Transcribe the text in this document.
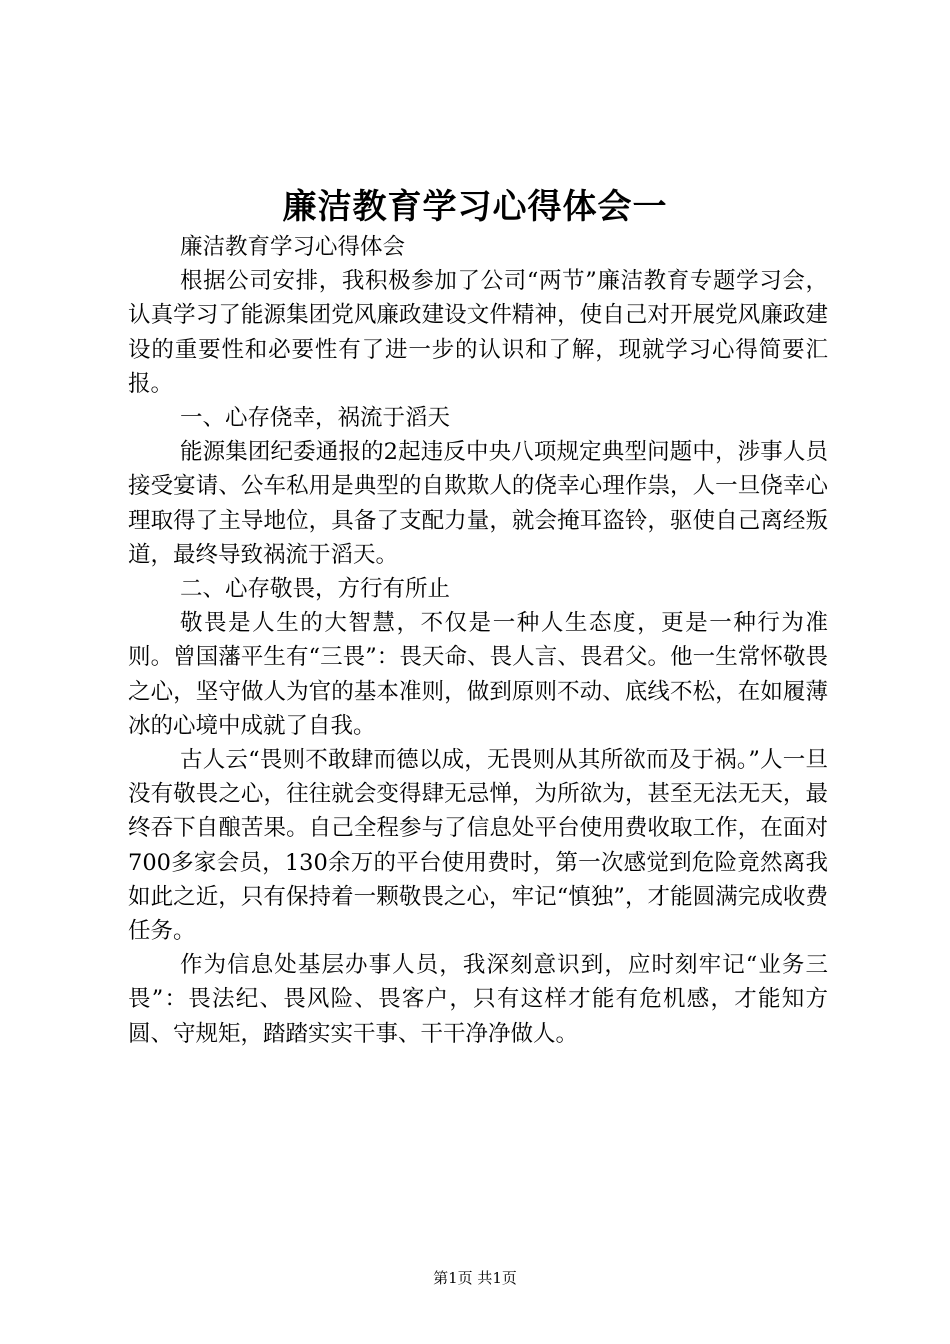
廉洁教育学习心得体会一

廉洁教育学习心得体会

根据公司安排，我积极参加了公司“两节”廉洁教育专题学习会，认真学习了能源集团党风廉政建设文件精神，使自己对开展党风廉政建设的重要性和必要性有了进一步的认识和了解，现就学习心得简要汇报。

一、心存侥幸，祸流于滔天

能源集团纪委通报的2起违反中央八项规定典型问题中，涉事人员接受宴请、公车私用是典型的自欺欺人的侥幸心理作祟，人一旦侥幸心理取得了主导地位，具备了支配力量，就会掩耳盗铃，驱使自己离经叛道，最终导致祸流于滔天。

二、心存敬畏，方行有所止

敬畏是人生的大智慧，不仅是一种人生态度，更是一种行为准则。曾国藩平生有“三畏”：畏天命、畏人言、畏君父。他一生常怀敬畏之心，坚守做人为官的基本准则，做到原则不动、底线不松，在如履薄冰的心境中成就了自我。

古人云“畏则不敢肆而德以成，无畏则从其所欲而及于祸。”人一旦没有敬畏之心，往往就会变得肆无忌惮，为所欲为，甚至无法无天，最终吞下自酿苦果。自己全程参与了信息处平台使用费收取工作，在面对700多家会员，130余万的平台使用费时，第一次感觉到危险竟然离我如此之近，只有保持着一颗敬畏之心，牢记“慎独”，才能圆满完成收费任务。

作为信息处基层办事人员，我深刻意识到，应时刻牢记“业务三畏”：畏法纪、畏风险、畏客户，只有这样才能有危机感，才能知方圆、守规矩，踏踏实实干事、干干净净做人。

第1页 共1页
